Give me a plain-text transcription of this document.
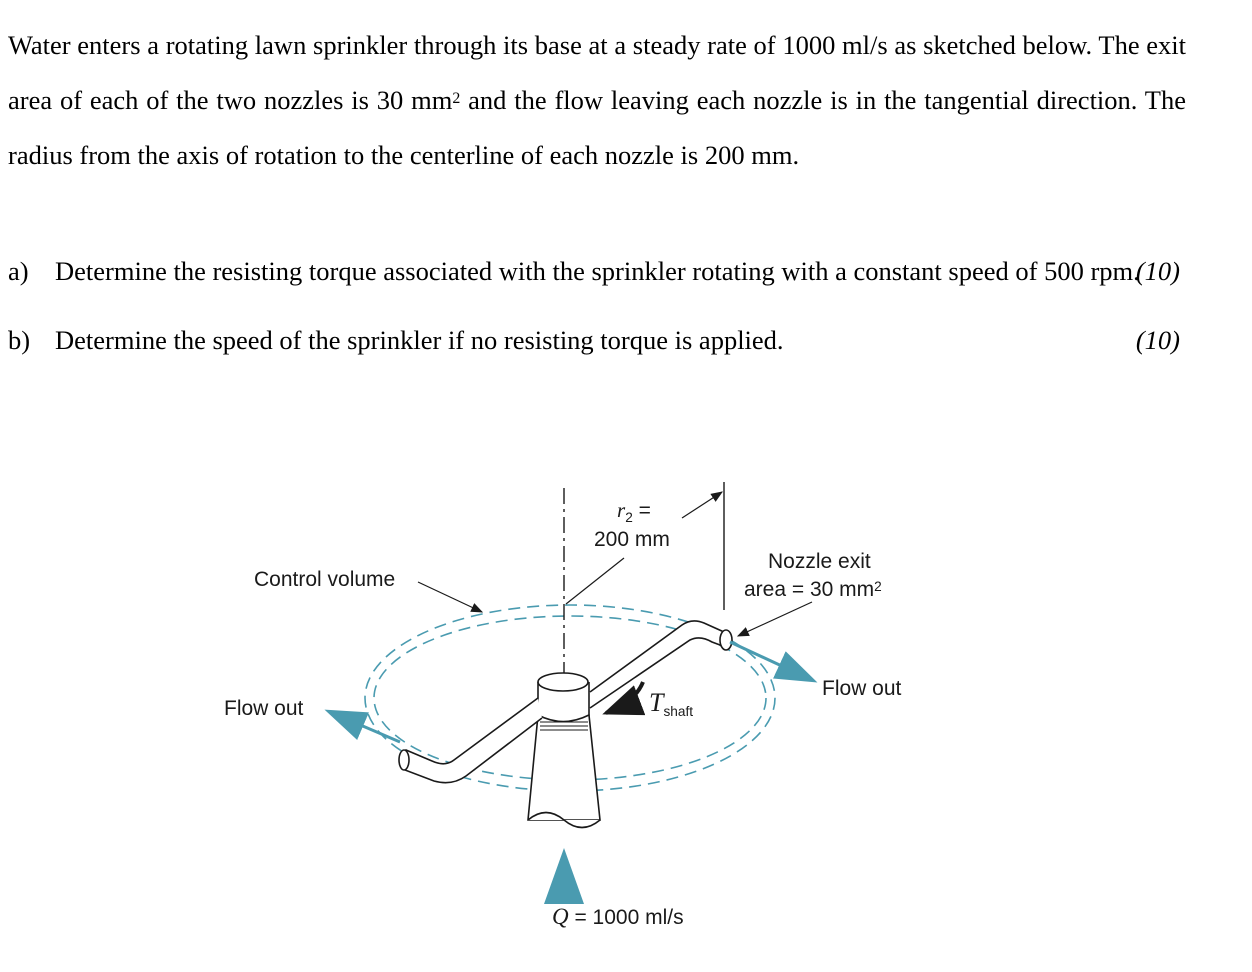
Water enters a rotating lawn sprinkler through its base at a steady rate of 1000 ml/s as sketched below. The exit area of each of the two nozzles is 30 $mm^2$ and the flow leaving each nozzle is in the tangential direction. The radius from the axis of rotation to the centerline of each nozzle is 200 mm.

a) Determine the resisting torque associated with the sprinkler rotating with a constant speed of 500 rpm.
(10)
b) Determine the speed of the sprinkler if no resisting torque is applied.	(10)
$r_2$ =
200 mm
Control volume
Nozzle exit
area = 30 $mm^2$
Flow out
Flow out	$T_{shaft}$
Q = 1000 ml/s
